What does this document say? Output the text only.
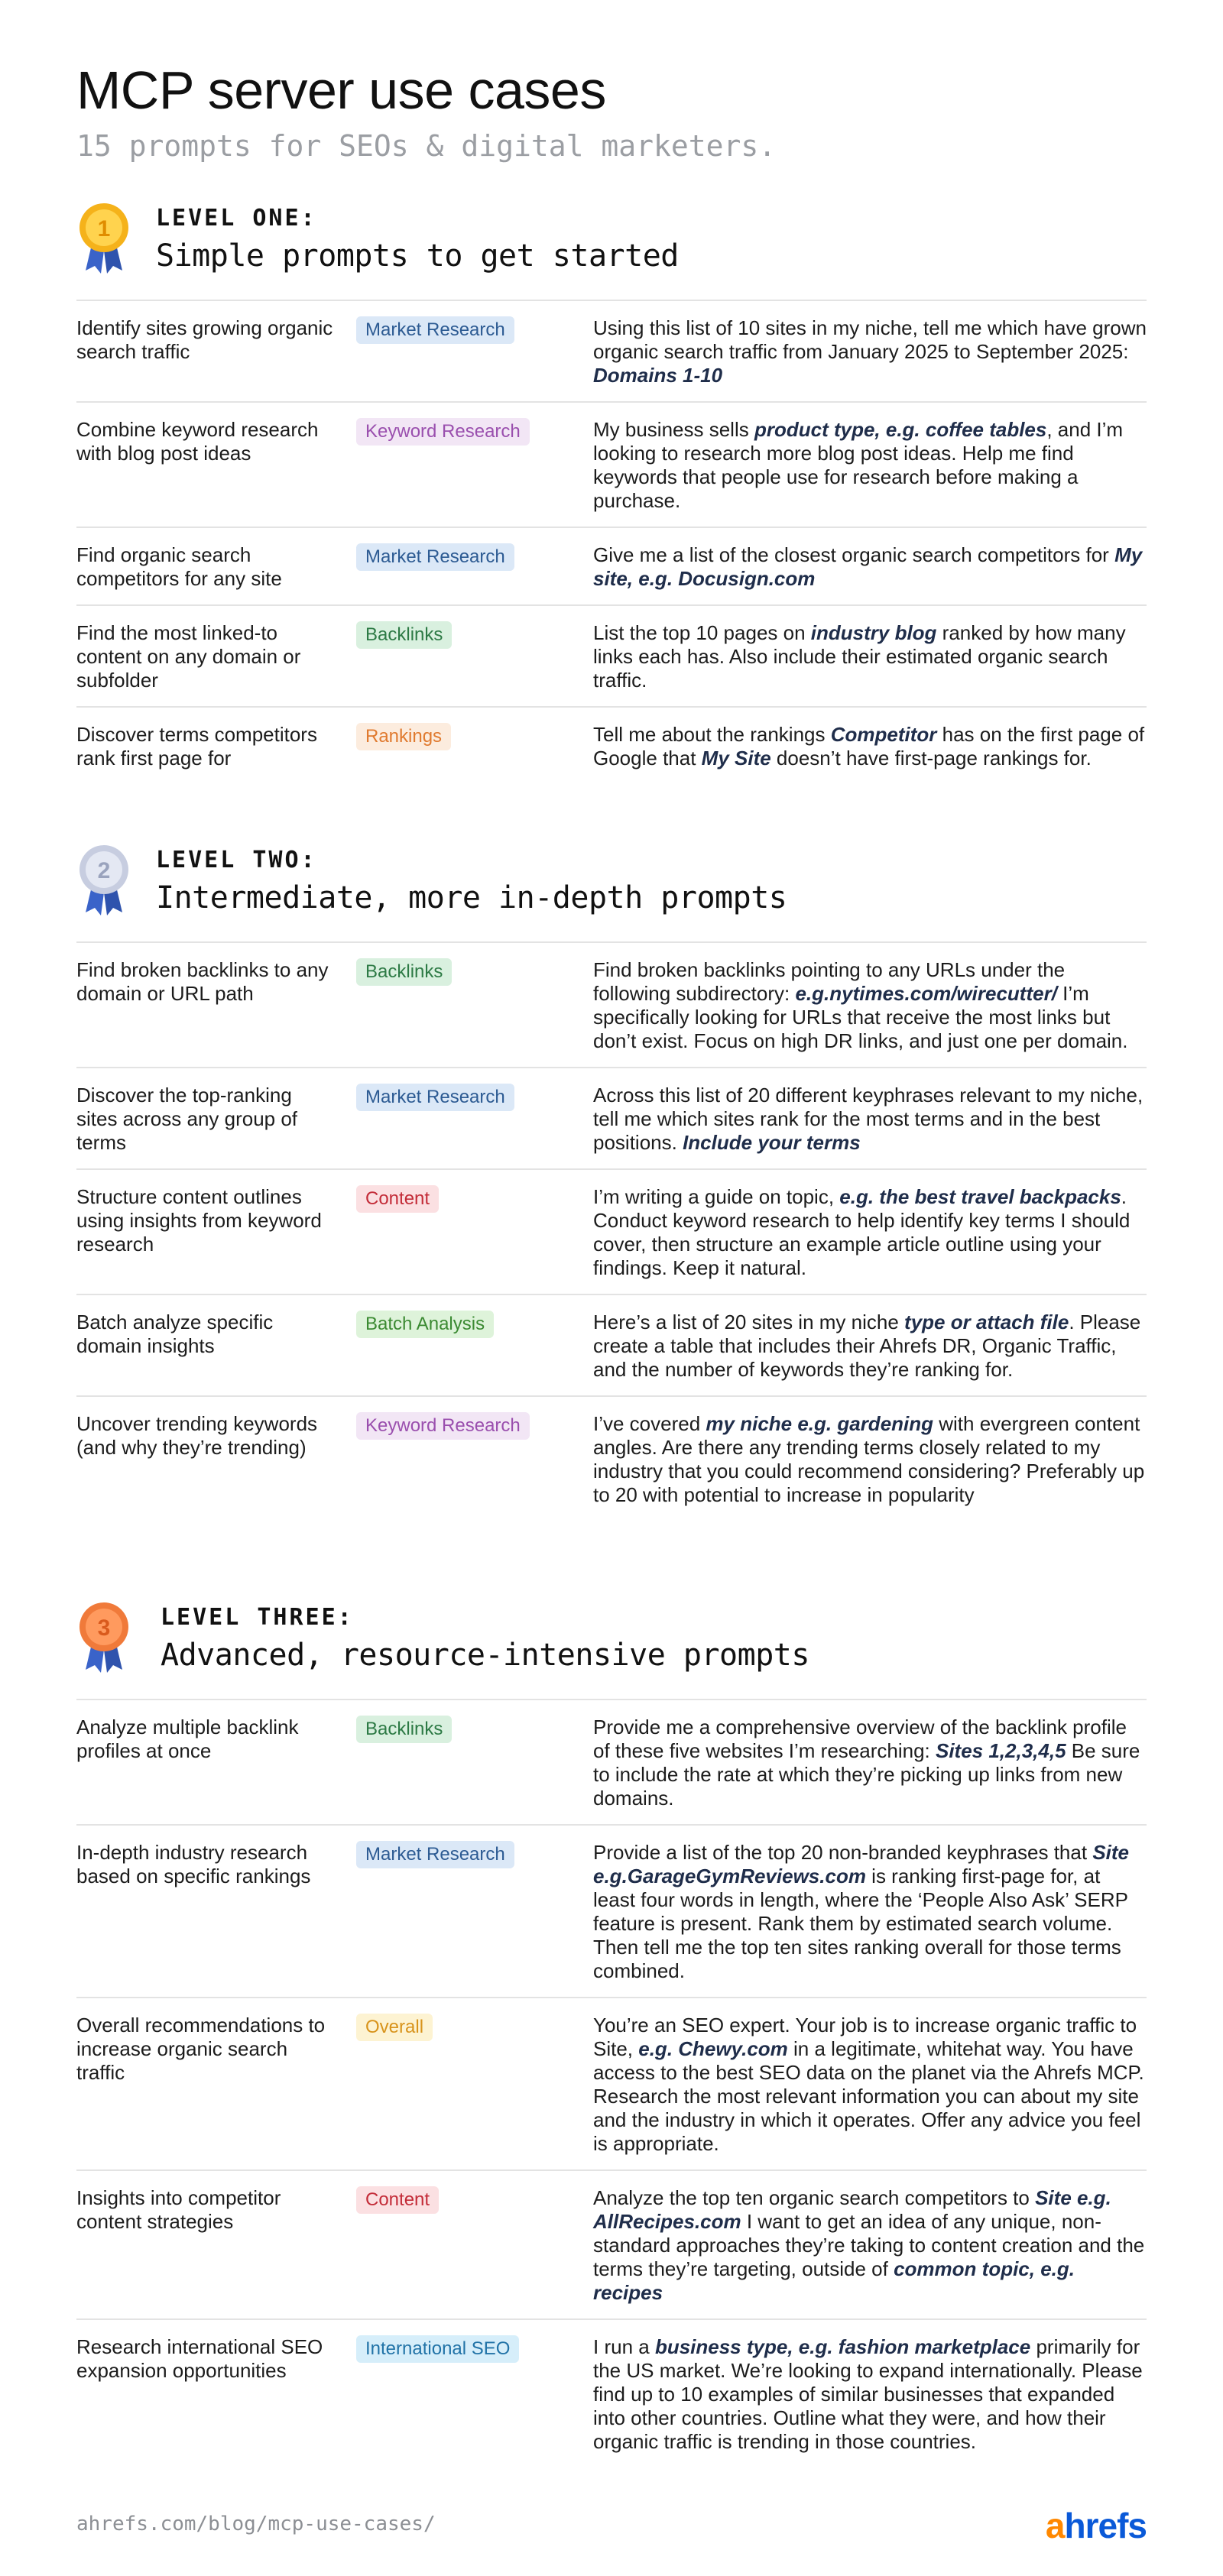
MCP server use cases
15 prompts for SEOs & digital marketers.
1 LEVEL ONE:
Simple prompts to get started
Identify sites growing organic search traffic
Market Research	Using this list of 10 sites in my niche, tell me which have grown organic search traffic from January 2025 to September 2025: Domains 1-10
Combine keyword research with blog post ideas
Keyword Research	My business sells product type, e.g. coffee tables, and I’m looking to research more blog post ideas. Help me find keywords that people use for research before making a purchase.
Find organic search competitors for any site
Market Research	Give me a list of the closest organic search competitors for My site, e.g. Docusign.com
Find the most linked-to content on any domain or subfolder
Backlinks	List the top 10 pages on industry blog ranked by how many links each has. Also include their estimated organic search traffic.
Discover terms competitors rank first page for
Rankings	Tell me about the rankings Competitor has on the first page of Google that My Site doesn’t have first-page rankings for.
2 LEVEL TWO:
Intermediate, more in-depth prompts
Find broken backlinks to any domain or URL path
Backlinks	Find broken backlinks pointing to any URLs under the following subdirectory: e.g.nytimes.com/wirecutter/ I’m specifically looking for URLs that receive the most links but don’t exist. Focus on high DR links, and just one per domain.
Discover the top-ranking sites across any group of terms
Market Research	Across this list of 20 different keyphrases relevant to my niche, tell me which sites rank for the most terms and in the best positions. Include your terms
Structure content outlines using insights from keyword research
Content	I’m writing a guide on topic, e.g. the best travel backpacks. Conduct keyword research to help identify key terms I should cover, then structure an example article outline using your findings. Keep it natural.
Batch analyze specific domain insights
Batch Analysis	Here’s a list of 20 sites in my niche type or attach file. Please create a table that includes their Ahrefs DR, Organic Traffic, and the number of keywords they’re ranking for.
Uncover trending keywords (and why they’re trending)
Keyword Research	I’ve covered my niche e.g. gardening with evergreen content angles. Are there any trending terms closely related to my industry that you could recommend considering? Preferably up to 20 with potential to increase in popularity
3 LEVEL THREE:
Advanced, resource-intensive prompts
Analyze multiple backlink profiles at once
Backlinks	Provide me a comprehensive overview of the backlink profile of these five websites I’m researching: Sites 1,2,3,4,5 Be sure to include the rate at which they’re picking up links from new domains.
In-depth industry research based on specific rankings
Market Research	Provide a list of the top 20 non-branded keyphrases that Site e.g.GarageGymReviews.com is ranking first-page for, at least four words in length, where the ‘People Also Ask’ SERP feature is present. Rank them by estimated search volume. Then tell me the top ten sites ranking overall for those terms combined.
Overall recommendations to increase organic search traffic
Overall	You’re an SEO expert. Your job is to increase organic traffic to Site, e.g. Chewy.com in a legitimate, whitehat way. You have access to the best SEO data on the planet via the Ahrefs MCP. Research the most relevant information you can about my site and the industry in which it operates. Offer any advice you feel is appropriate.
Insights into competitor content strategies
Content	Analyze the top ten organic search competitors to Site e.g. AllRecipes.com I want to get an idea of any unique, non-standard approaches they’re taking to content creation and the terms they’re targeting, outside of common topic, e.g. recipes
Research international SEO expansion opportunities
International SEO	I run a business type, e.g. fashion marketplace primarily for the US market. We’re looking to expand internationally. Please find up to 10 examples of similar businesses that expanded into other countries. Outline what they were, and how their organic traffic is trending in those countries.
ahrefs.com/blog/mcp-use-cases/	ahrefs
